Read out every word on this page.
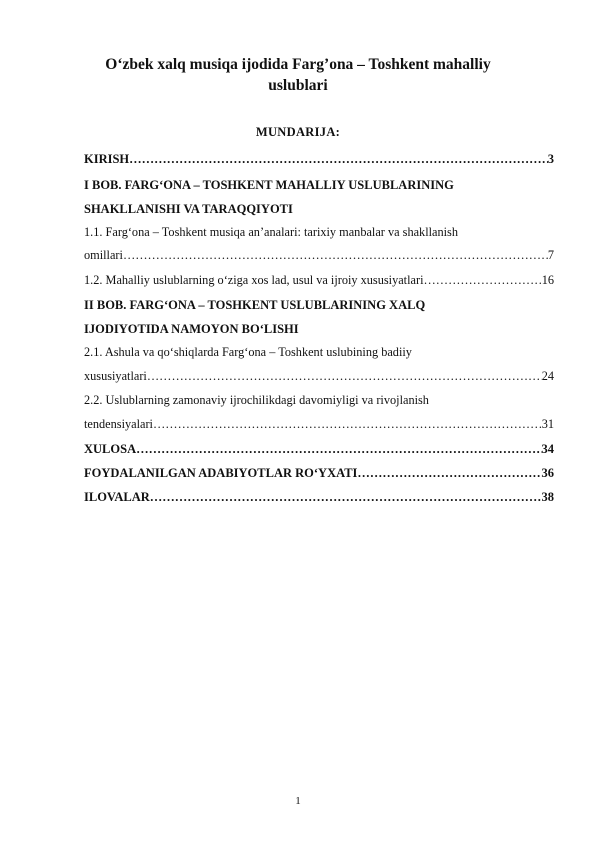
O‘zbek xalq musiqa ijodida Farg’ona – Toshkent mahalliy
uslublari
MUNDARIJA:
KIRISH ……………………………………………………………………………………………………………………………………………………………………………………	3
I BOB. FARG‘ONA – TOSHKENT MAHALLIY USLUBLARINING
SHAKLLANISHI VA TARAQQIYOTI
1.1. Farg‘ona – Toshkent musiqa an’analari: tarixiy manbalar va shakllanish
omillari ……………………………………………………………………………………………………………………………………………………………………………………	7
1.2. Mahalliy uslublarning o‘ziga xos lad, usul va ijroiy xususiyatlari ……………………………………………………………………………………………………………………………………………………………………………………	16
II BOB. FARG‘ONA – TOSHKENT USLUBLARINING XALQ
IJODIYOTIDA NAMOYON BO‘LISHI
2.1. Ashula va qo‘shiqlarda Farg‘ona – Toshkent uslubining badiiy
xususiyatlari ……………………………………………………………………………………………………………………………………………………………………………………	24
2.2. Uslublarning zamonaviy ijrochilikdagi davomiyligi va rivojlanish
tendensiyalari ……………………………………………………………………………………………………………………………………………………………………………………	31
XULOSA ……………………………………………………………………………………………………………………………………………………………………………………	34
FOYDALANILGAN ADABIYOTLAR RO‘YXATI ……………………………………………………………………………………………………………………………………………………………………………………	36
ILOVALAR ……………………………………………………………………………………………………………………………………………………………………………………	38
1
